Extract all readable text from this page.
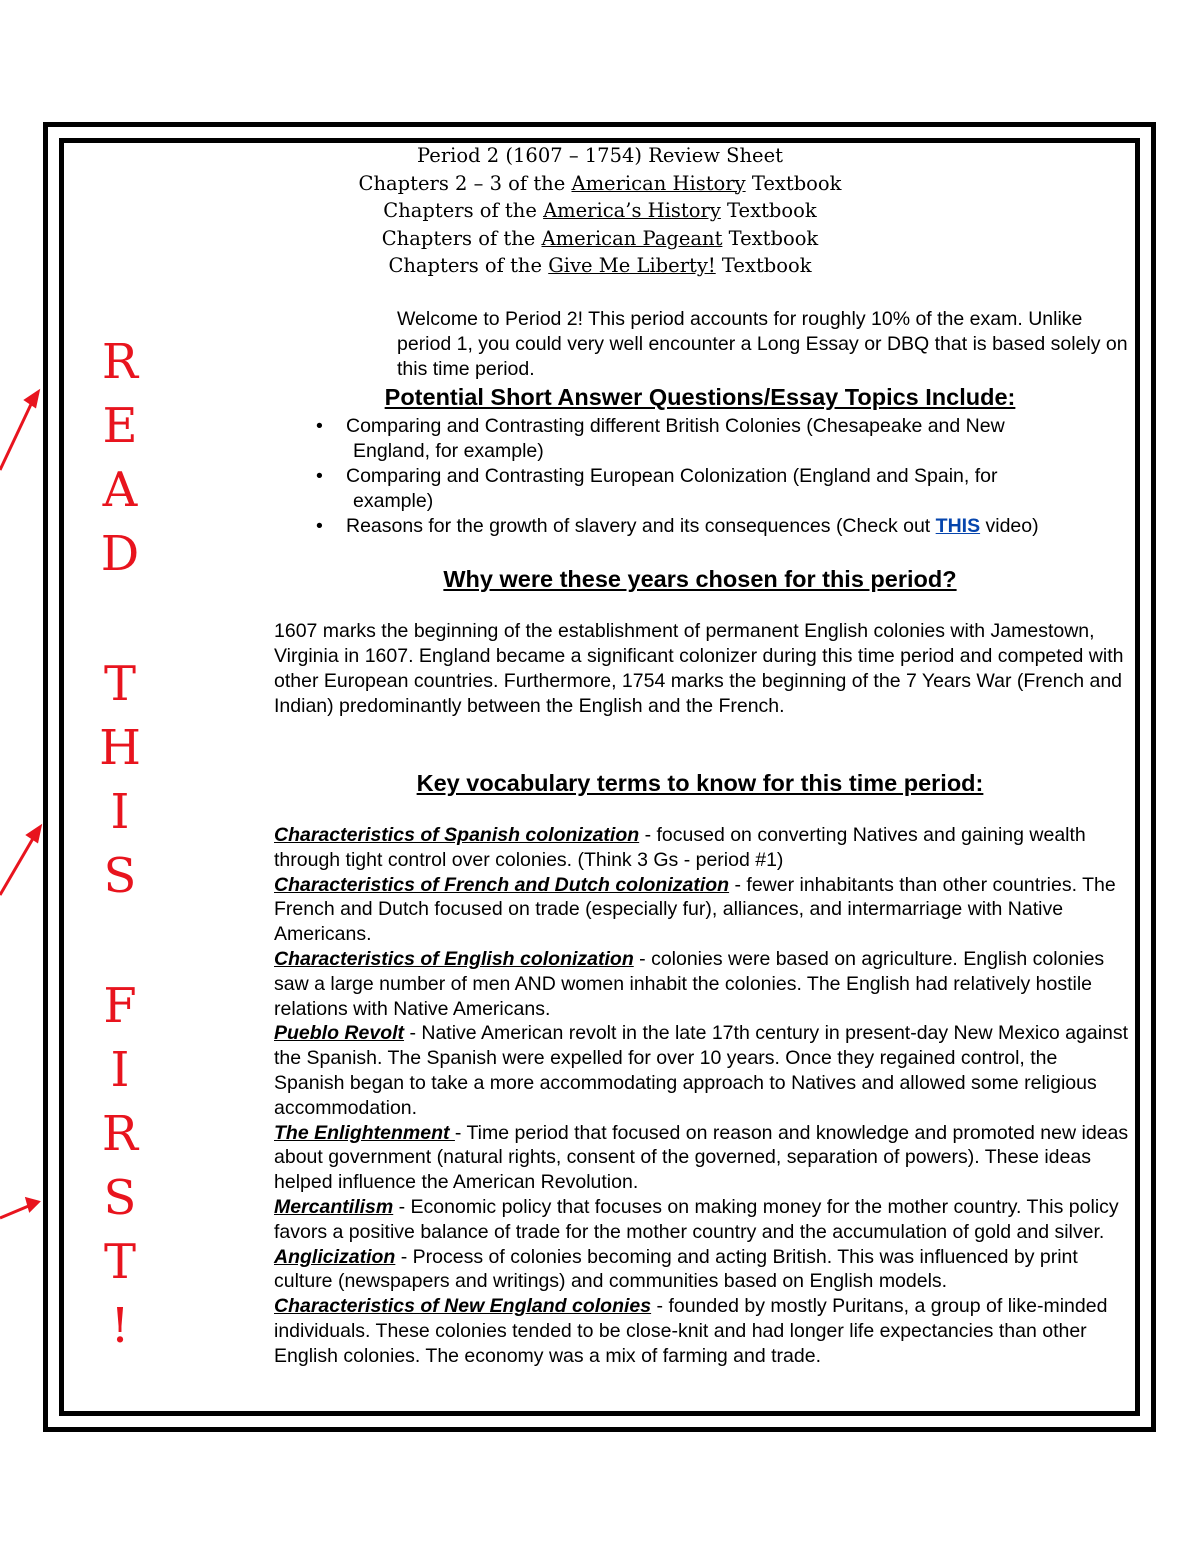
R
E
A
D
T
H
I
S
F
I
R
S
T
!
Period 2 (1607 – 1754) Review Sheet
Chapters 2 – 3 of the American History Textbook
Chapters of the America’s History Textbook
Chapters of the American Pageant Textbook
Chapters of the Give Me Liberty! Textbook
Welcome to Period 2! This period accounts for roughly 10% of the exam. Unlike period 1, you could very well encounter a Long Essay or DBQ that is based solely on this time period.
Potential Short Answer Questions/Essay Topics Include:
• Comparing and Contrasting different British Colonies (Chesapeake and New
England, for example)
• Comparing and Contrasting European Colonization (England and Spain, for
example)
• Reasons for the growth of slavery and its consequences (Check out THIS video)
Why were these years chosen for this period?
1607 marks the beginning of the establishment of permanent English colonies with Jamestown, Virginia in 1607. England became a significant colonizer during this time period and competed with other European countries. Furthermore, 1754 marks the beginning of the 7 Years War (French and Indian) predominantly between the English and the French.
Key vocabulary terms to know for this time period:
Characteristics of Spanish colonization - focused on converting Natives and gaining wealth through tight control over colonies. (Think 3 Gs - period #1)
Characteristics of French and Dutch colonization - fewer inhabitants than other countries. The French and Dutch focused on trade (especially fur), alliances, and intermarriage with Native Americans.
Characteristics of English colonization - colonies were based on agriculture. English colonies saw a large number of men AND women inhabit the colonies. The English had relatively hostile relations with Native Americans.
Pueblo Revolt - Native American revolt in the late 17th century in present-day New Mexico against the Spanish. The Spanish were expelled for over 10 years. Once they regained control, the Spanish began to take a more accommodating approach to Natives and allowed some religious accommodation.
The Enlightenment - Time period that focused on reason and knowledge and promoted new ideas about government (natural rights, consent of the governed, separation of powers). These ideas helped influence the American Revolution.
Mercantilism - Economic policy that focuses on making money for the mother country. This policy favors a positive balance of trade for the mother country and the accumulation of gold and silver.
Anglicization - Process of colonies becoming and acting British. This was influenced by print culture (newspapers and writings) and communities based on English models.
Characteristics of New England colonies - founded by mostly Puritans, a group of like-minded individuals. These colonies tended to be close-knit and had longer life expectancies than other English colonies. The economy was a mix of farming and trade.
